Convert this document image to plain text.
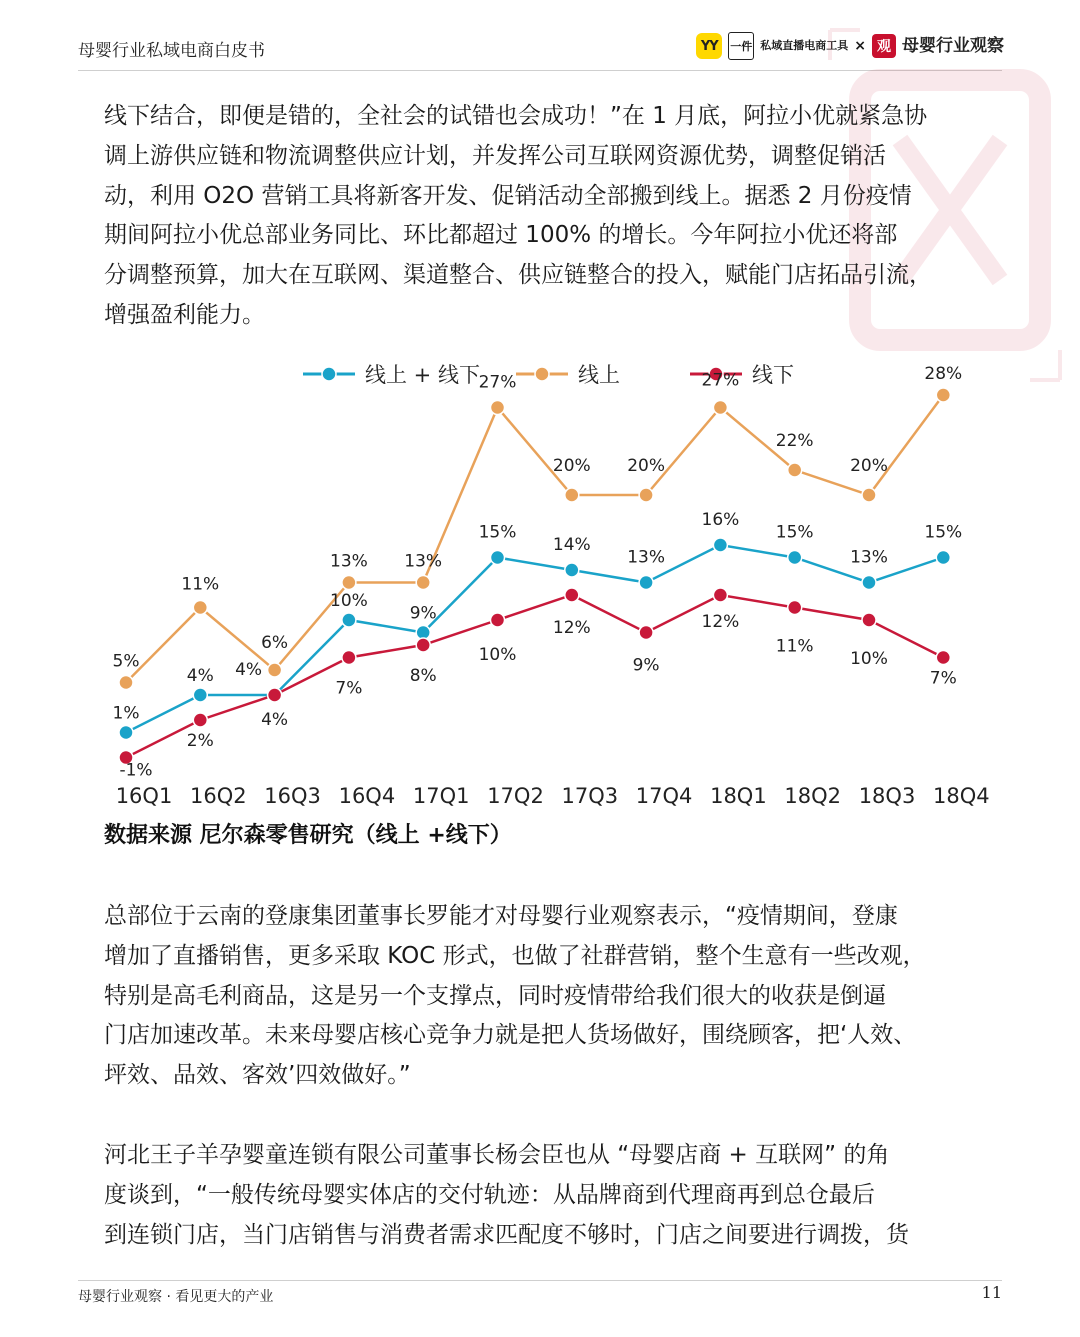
母婴行业私域电商白皮书	YY	一件 私域直播电商工具 × 观 母婴行业观察
线下结合，即便是错的，全社会的试错也会成功！”在 1 月底，阿拉小优就紧急协
调上游供应链和物流调整供应计划，并发挥公司互联网资源优势，调整促销活
动，利用 O2O 营销工具将新客开发、促销活动全部搬到线上。据悉 2 月份疫情
期间阿拉小优总部业务同比、环比都超过 100% 的增长。今年阿拉小优还将部
分调整预算，加大在互联网、渠道整合、供应链整合的投入，赋能门店拓品引流，
增强盈利能力。
线上 + 线下	线上	线下
1%
4% 4%
10%
9%
15%
14%
13%
16%
15%
13%
15%
5%
11%
6%
13% 13%
27%
20% 20%
27%
22%
20%
28%
-1%
2%
4%
7%
8%
10%
12%
9%
12%
11%
10%
7%
16Q1 16Q2 16Q3 16Q4 17Q1 17Q2 17Q3 17Q4 18Q1 18Q2 18Q3 18Q4
数据来源 尼尔森零售研究（线上 +线下）
总部位于云南的登康集团董事长罗能才对母婴行业观察表示，“疫情期间，登康
增加了直播销售，更多采取 KOC 形式，也做了社群营销，整个生意有一些改观，
特别是高毛利商品，这是另一个支撑点，同时疫情带给我们很大的收获是倒逼
门店加速改革。未来母婴店核心竞争力就是把人货场做好，围绕顾客，把‘人效、
坪效、品效、客效’四效做好。”
河北王子羊孕婴童连锁有限公司董事长杨会臣也从 “母婴店商 + 互联网” 的角
度谈到，“一般传统母婴实体店的交付轨迹：从品牌商到代理商再到总仓最后
到连锁门店，当门店销售与消费者需求匹配度不够时，门店之间要进行调拨，货
母婴行业观察 · 看见更大的产业	11
